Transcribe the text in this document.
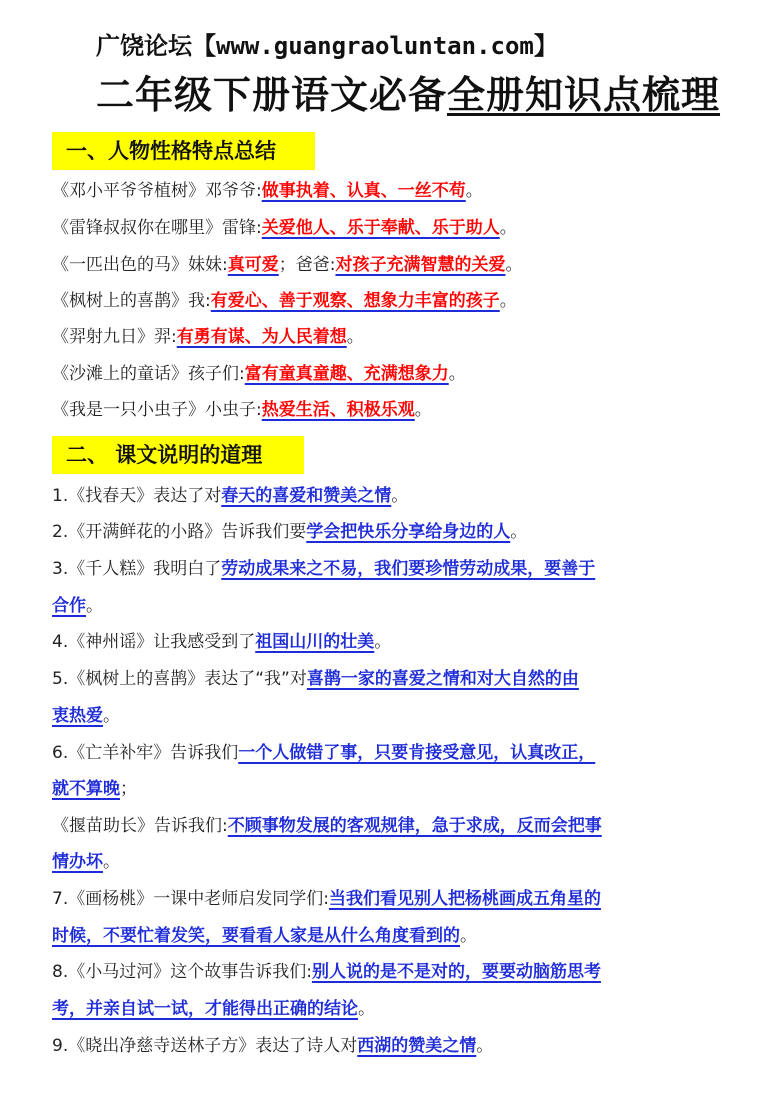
广饶论坛【www.guangraoluntan.com】
二年级下册语文必备全册知识点梳理
一、人物性格特点总结
《邓小平爷爷植树》邓爷爷:做事执着、认真、一丝不苟。
《雷锋叔叔你在哪里》雷锋:关爱他人、乐于奉献、乐于助人。
《一匹出色的马》妹妹:真可爱；爸爸:对孩子充满智慧的关爱。
《枫树上的喜鹊》我:有爱心、善于观察、想象力丰富的孩子。
《羿射九日》羿:有勇有谋、为人民着想。
《沙滩上的童话》孩子们:富有童真童趣、充满想象力。
《我是一只小虫子》小虫子:热爱生活、积极乐观。
二、 课文说明的道理
1.《找春天》表达了对春天的喜爱和赞美之情。
2.《开满鲜花的小路》告诉我们要学会把快乐分享给身边的人。
3.《千人糕》我明白了劳动成果来之不易，我们要珍惜劳动成果，要善于
合作。
4.《神州谣》让我感受到了祖国山川的壮美。
5.《枫树上的喜鹊》表达了“我”对喜鹊一家的喜爱之情和对大自然的由
衷热爱。
6.《亡羊补牢》告诉我们一个人做错了事，只要肯接受意见，认真改正，
就不算晚；
《揠苗助长》告诉我们:不顾事物发展的客观规律，急于求成，反而会把事
情办坏。
7.《画杨桃》一课中老师启发同学们:当我们看见别人把杨桃画成五角星的
时候，不要忙着发笑，要看看人家是从什么角度看到的。
8.《小马过河》这个故事告诉我们:别人说的是不是对的，要要动脑筋思考
考，并亲自试一试，才能得出正确的结论。
9.《晓出净慈寺送林子方》表达了诗人对西湖的赞美之情。
